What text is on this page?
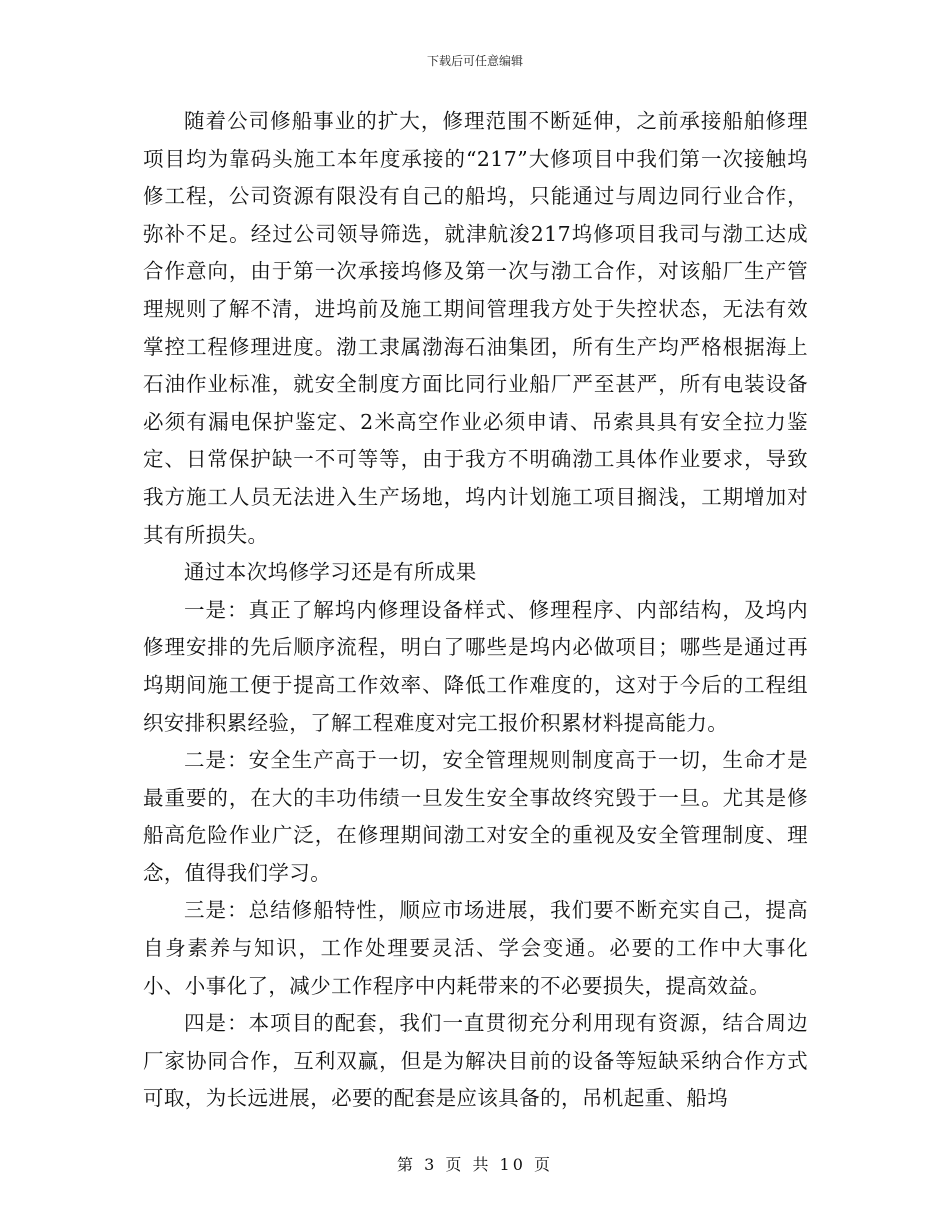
下载后可任意编辑

随着公司修船事业的扩大，修理范围不断延伸，之前承接船舶修理项目均为靠码头施工本年度承接的“217”大修项目中我们第一次接触坞修工程，公司资源有限没有自己的船坞，只能通过与周边同行业合作，弥补不足。经过公司领导筛选，就津航浚217坞修项目我司与渤工达成合作意向，由于第一次承接坞修及第一次与渤工合作，对该船厂生产管理规则了解不清，进坞前及施工期间管理我方处于失控状态，无法有效掌控工程修理进度。渤工隶属渤海石油集团，所有生产均严格根据海上石油作业标准，就安全制度方面比同行业船厂严至甚严，所有电装设备必须有漏电保护鉴定、2米高空作业必须申请、吊索具具有安全拉力鉴定、日常保护缺一不可等等，由于我方不明确渤工具体作业要求，导致我方施工人员无法进入生产场地，坞内计划施工项目搁浅，工期增加对其有所损失。

通过本次坞修学习还是有所成果

一是：真正了解坞内修理设备样式、修理程序、内部结构，及坞内修理安排的先后顺序流程，明白了哪些是坞内必做项目；哪些是通过再坞期间施工便于提高工作效率、降低工作难度的，这对于今后的工程组织安排积累经验，了解工程难度对完工报价积累材料提高能力。

二是：安全生产高于一切，安全管理规则制度高于一切，生命才是最重要的，在大的丰功伟绩一旦发生安全事故终究毁于一旦。尤其是修船高危险作业广泛，在修理期间渤工对安全的重视及安全管理制度、理念，值得我们学习。

三是：总结修船特性，顺应市场进展，我们要不断充实自己，提高自身素养与知识，工作处理要灵活、学会变通。必要的工作中大事化小、小事化了，减少工作程序中内耗带来的不必要损失，提高效益。

四是：本项目的配套，我们一直贯彻充分利用现有资源，结合周边厂家协同合作，互利双赢，但是为解决目前的设备等短缺采纳合作方式可取，为长远进展，必要的配套是应该具备的，吊机起重、船坞

第 3 页 共 10 页
